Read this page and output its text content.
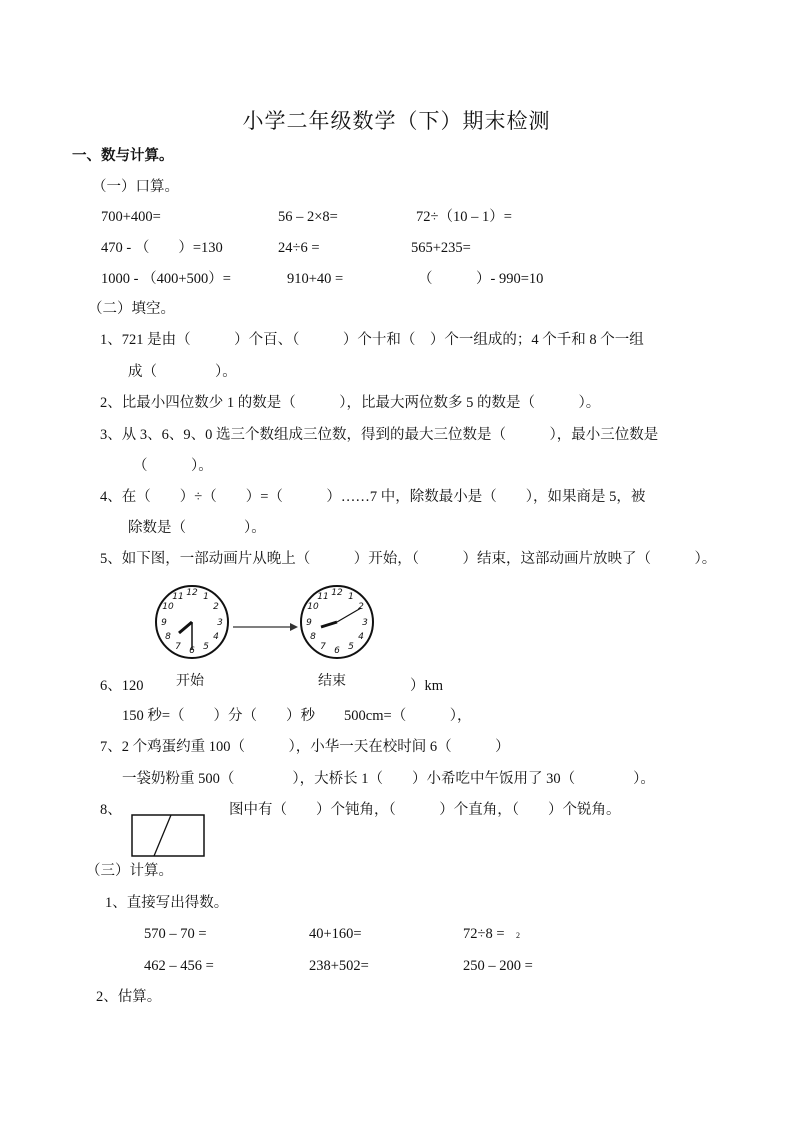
小学二年级数学（下）期末检测
一、数与计算。
（一）口算。
700+400=	56 – 2×8=	72÷（10 – 1）=
470 - （　　）=130	24÷6 =	565+235=
1000 - （400+500）=	910+40 =	（　　　）- 990=10
（二）填空。
1、721 是由（　　　）个百、（　　　）个十和（　）个一组成的；4 个千和 8 个一组
成（　　　　）。
2、比最小四位数少 1 的数是（　　　），比最大两位数多 5 的数是（　　　）。
3、从 3、6、9、0 选三个数组成三位数，得到的最大三位数是（　　　），最小三位数是
（　　　）。
4、在（　　）÷（　　）=（　　　）……7 中，除数最小是（　　），如果商是 5，被
除数是（　　　　）。
5、如下图，一部动画片从晚上（　　　）开始，（　　　）结束，这部动画片放映了（　　　）。
12 1
2
3
4
5
6
7
8
9
10
11	12 1
2
3
4
5
6
7
8
9
10
11
开始	结束
6、120	）km
150 秒=（　　）分（　　）秒　　500cm=（　　　），
7、2 个鸡蛋约重 100（　　　），小华一天在校时间 6（　　　）
一袋奶粉重 500（　　　　），大桥长 1（　　）小希吃中午饭用了 30（　　　　）。
8、	图中有（　　）个钝角，（　　　）个直角，（　　）个锐角。
（三）计算。
1、直接写出得数。
570 – 70 =	40+160=	72÷8 = 2
462 – 456 =	238+502=	250 – 200 =
2、估算。
